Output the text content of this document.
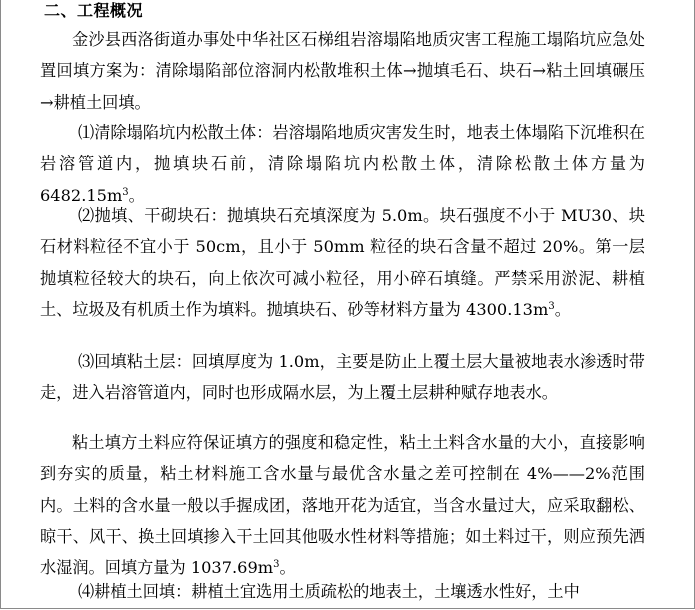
二、工程概况

金沙县西洛街道办事处中华社区石梯组岩溶塌陷地质灾害工程施工塌陷坑应急处置回填方案为：清除塌陷部位溶洞内松散堆积土体→抛填毛石、块石→粘土回填碾压→耕植土回填。

⑴清除塌陷坑内松散土体：岩溶塌陷地质灾害发生时，地表土体塌陷下沉堆积在岩溶管道内，抛填块石前，清除塌陷坑内松散土体，清除松散土体方量为 $6482.15m^3$。

⑵抛填、干砌块石：抛填块石充填深度为 5.0m。块石强度不小于 MU30、块石材料粒径不宜小于 50cm，且小于 50mm 粒径的块石含量不超过 20%。第一层抛填粒径较大的块石，向上依次可减小粒径，用小碎石填缝。严禁采用淤泥、耕植土、垃圾及有机质土作为填料。抛填块石、砂等材料方量为 $4300.13m^3$。

⑶回填粘土层：回填厚度为 1.0m，主要是防止上覆土层大量被地表水渗透时带走，进入岩溶管道内，同时也形成隔水层，为上覆土层耕种赋存地表水。

粘土填方土料应符保证填方的强度和稳定性，粘土土料含水量的大小，直接影响到夯实的质量，粘土材料施工含水量与最优含水量之差可控制在 4%——2%范围内。土料的含水量一般以手握成团，落地开花为适宜，当含水量过大，应采取翻松、晾干、风干、换土回填掺入干土回其他吸水性材料等措施；如土料过干，则应预先洒水湿润。回填方量为 $1037.69m^3$。

⑷耕植土回填：耕植土宜选用土质疏松的地表土，土壤透水性好，土中
